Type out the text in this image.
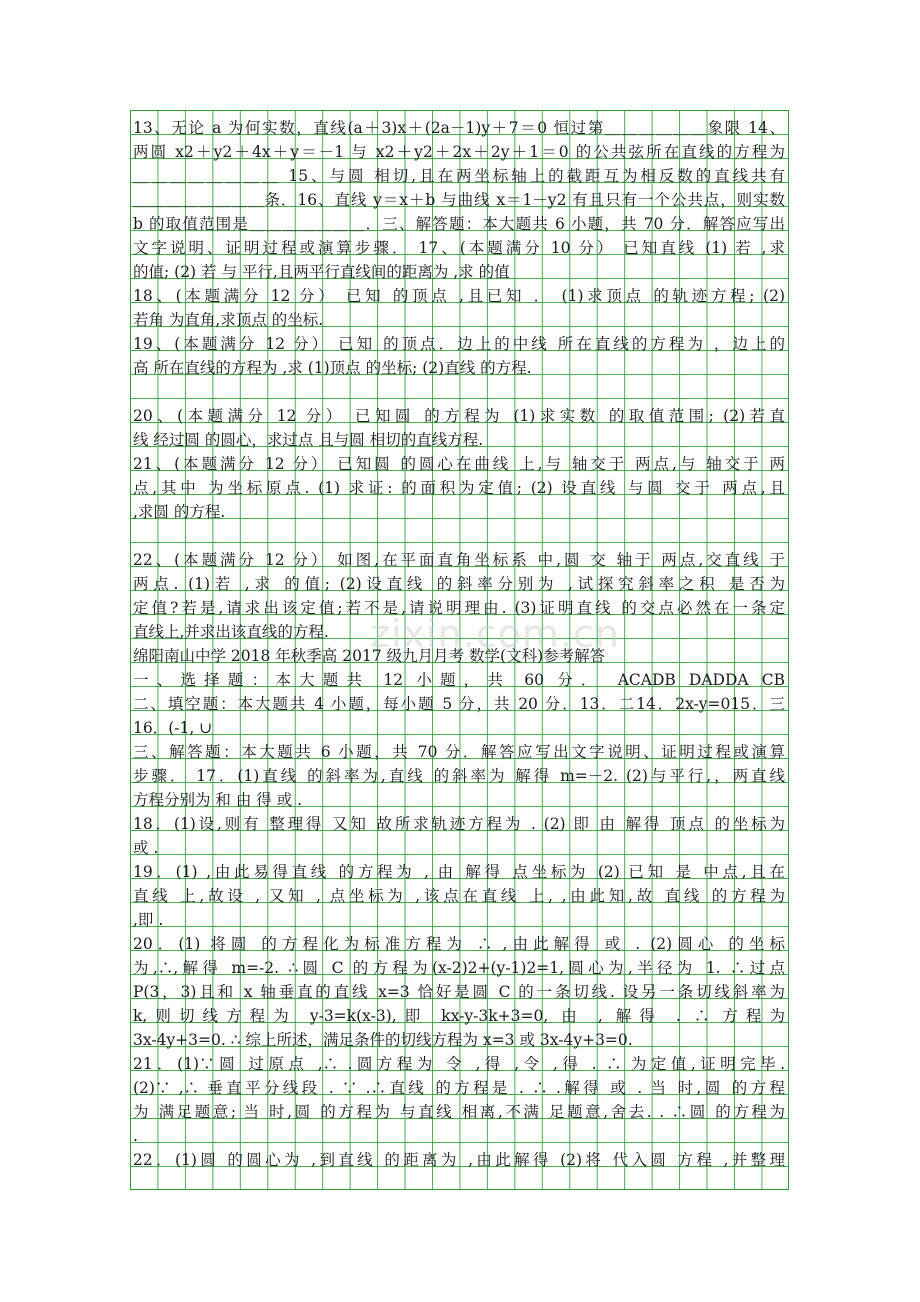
13、无论 a 为何实数，直线(a＋3)x＋(2a－1)y＋7＝0 恒过第＿＿＿＿＿＿象限 14、
两圆 x2＋y2＋4x＋y＝－1 与 x2＋y2＋2x＋2y＋1＝0 的公共弦所在直线的方程为
＿＿＿＿＿＿＿＿ 15、与圆 相切,且在两坐标轴上的截距互为相反数的直线共有
＿＿＿＿＿＿＿＿条．16、直线 y＝x＋b 与曲线 x＝1－y2 有且只有一个公共点，则实数
b 的取值范围是＿＿＿＿＿＿＿．三、解答题：本大题共 6 小题，共 70 分．解答应写出
文字说明、证明过程或演算步骤． 17、(本题满分 10 分） 已知直线 (1) 若 ,求
的值; (2) 若 与 平行,且两平行直线间的距离为 ,求 的值
18、(本题满分 12 分） 已知 的顶点 ,且已知 ． (1)求顶点 的轨迹方程; (2)
若角 为直角,求顶点 的坐标.
19、(本题满分 12 分） 已知 的顶点．边上的中线 所在直线的方程为 ，边上的
高 所在直线的方程为 ,求 (1)顶点 的坐标; (2)直线 的方程.

20、(本题满分 12 分） 已知圆 的方程为 (1)求实数 的取值范围; (2)若直
线 经过圆 的圆心，求过点 且与圆 相切的直线方程.
21、(本题满分 12 分） 已知圆 的圆心在曲线 上,与 轴交于 两点,与 轴交于 两
点,其中 为坐标原点. (1) 求证: 的面积为定值; (2) 设直线 与圆 交于 两点,且
,求圆 的方程.

22、(本题满分 12 分） 如图,在平面直角坐标系 中,圆 交 轴于 两点,交直线 于
两点. (1)若 ,求 的值; (2)设直线 的斜率分别为 ,试探究斜率之积 是否为
定值?若是,请求出该定值;若不是,请说明理由. (3)证明直线 的交点必然在一条定
直线上,并求出该直线的方程.
绵阳南山中学 2018 年秋季高 2017 级九月月考 数学(文科)参考解答
一、选择题：本大题共 12 小题，共 60 分． ACADB DADDA CB
二、填空题：本大题共 4 小题，每小题 5 分，共 20 分．13．二14．2x-y=015．三
16．(-1, ∪
三、解答题：本大题共 6 小题，共 70 分．解答应写出文字说明、证明过程或演算
步骤． 17．(1)直线 的斜率为,直线 的斜率为 解得 m=－2. (2)与平行,，两直线
方程分别为 和 由 得 或 .
18．(1)设,则有 整理得 又知 故所求轨迹方程为 . (2) 即 由 解得 顶点 的坐标为
或 .
19．(1) ,由此易得直线 的方程为 , 由 解得 点坐标为 (2) 已知 是 中点,且在
直线 上,故设 , 又知 , 点坐标为 ,该点在直线 上, ,由此知,故 直线 的方程为
,即 .
20．(1) 将圆 的方程化为标准方程为 ∴ ,由此解得 或 . (2)圆心 的坐标
为,∴,解得 m=-2. ∴圆 C 的方程为(x-2)2+(y-1)2=1,圆心为,半径为 1. ∴过点
P(3，3)且和 x 轴垂直的直线 x=3 恰好是圆 C 的一条切线. 设另一条切线斜率为
k,则切线方程为 y-3=k(x-3),即 kx-y-3k+3=0, 由 , 解得 . ∴ 方程为
3x-4y+3=0. ∴ 综上所述，满足条件的切线方程为 x=3 或 3x-4y+3=0.
21．(1)∵圆 过原点 ,∴ .圆方程为 令 ,得 ,令 ,得 . ∴ 为定值,证明完毕.
(2)∵ ,∴ 垂直平分线段 . ∵ .∴直线 的方程是 . ∴ .解得 或 . 当 时,圆 的方程
为 满足题意; 当 时,圆 的方程为 与直线 相离,不满 足题意,舍去. . ∴圆 的方程为
.
22．(1)圆 的圆心为 ,到直线 的距离为 ,由此解得 (2)将 代入圆 方程 ,并整理
zixin.com.cn
